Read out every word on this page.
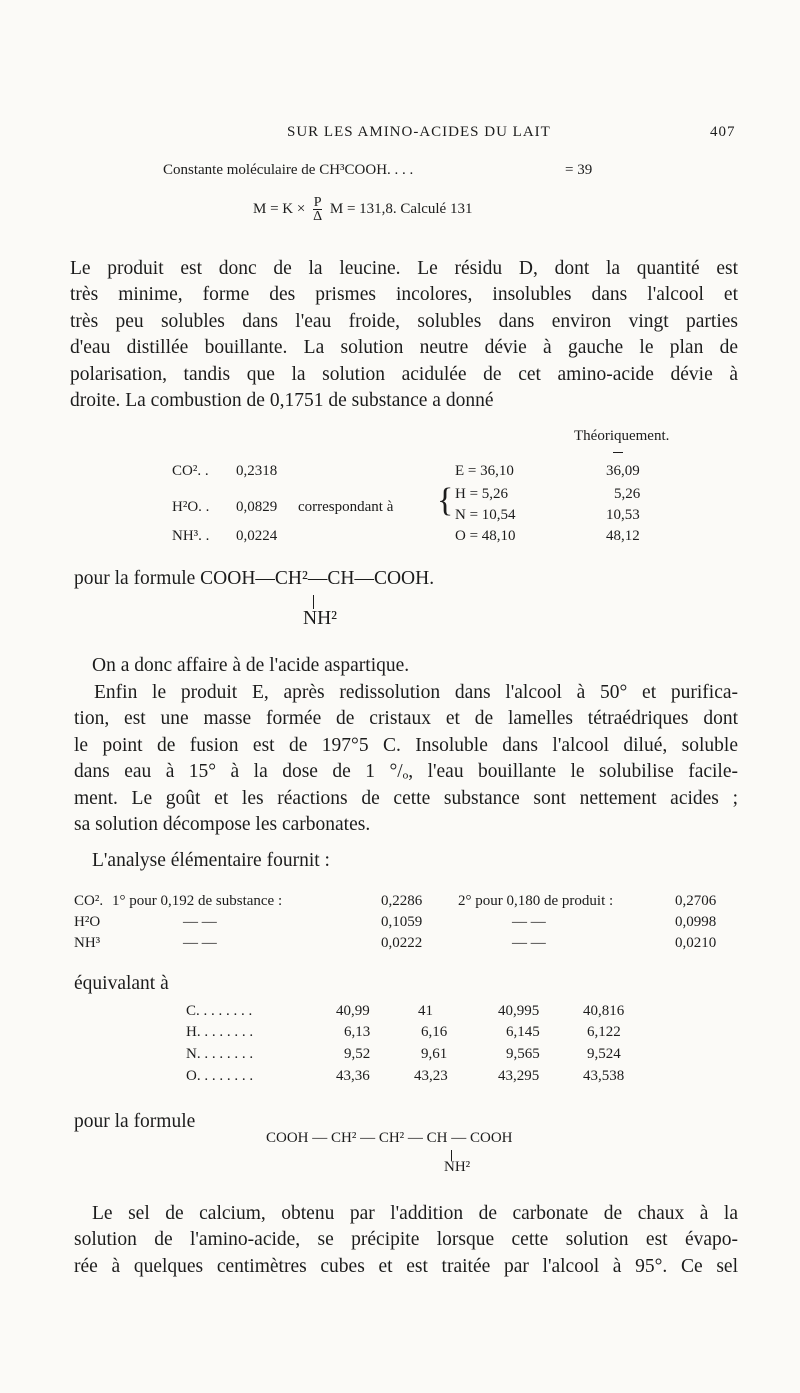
SUR LES AMINO-ACIDES DU LAIT	407
Constante moléculaire de CH³COOH. . . .	= 39
$M = K \times \frac{P}{\Delta}$ M = 131,8. Calculé 131
Le produit est donc de la leucine. Le résidu D, dont la quantité est
très minime, forme des prismes incolores, insolubles dans l'alcool et
très peu solubles dans l'eau froide, solubles dans environ vingt parties
d'eau distillée bouillante. La solution neutre dévie à gauche le plan de
polarisation, tandis que la solution acidulée de cet amino-acide dévie à
droite. La combustion de 0,1751 de substance a donné
Théoriquement.
CO². . 0,2318	E = 36,10	36,09
H²O. . 0,0829 correspondant à { H = 5,26	5,26
N = 10,54	10,53
NH³. . 0,0224	O = 48,10	48,12
pour la formule COOH—CH²—CH—COOH.
NH²
On a donc affaire à de l'acide aspartique.
Enfin le produit E, après redissolution dans l'alcool à 50° et purifica-
tion, est une masse formée de cristaux et de lamelles tétraédriques dont
le point de fusion est de 197°5 C. Insoluble dans l'alcool dilué, soluble
dans eau à 15° à la dose de 1 °/ₒ, l'eau bouillante le solubilise facile-
ment. Le goût et les réactions de cette substance sont nettement acides ;
sa solution décompose les carbonates.
L'analyse élémentaire fournit :
CO². 1° pour 0,192 de substance :	0,2286 2° pour 0,180 de produit :	0,2706
H²O	— —	0,1059	— —	0,0998
NH³	— —	0,0222	— —	0,0210
équivalant à
C. . . . . . . .	40,99	41	40,995	40,816
H. . . . . . . .	6,13	6,16	6,145	6,122
N. . . . . . . .	9,52	9,61	9,565	9,524
O. . . . . . . .	43,36	43,23	43,295	43,538
pour la formule
COOH — CH² — CH² — CH — COOH
NH²
Le sel de calcium, obtenu par l'addition de carbonate de chaux à la
solution de l'amino-acide, se précipite lorsque cette solution est évapo-
rée à quelques centimètres cubes et est traitée par l'alcool à 95°. Ce sel
